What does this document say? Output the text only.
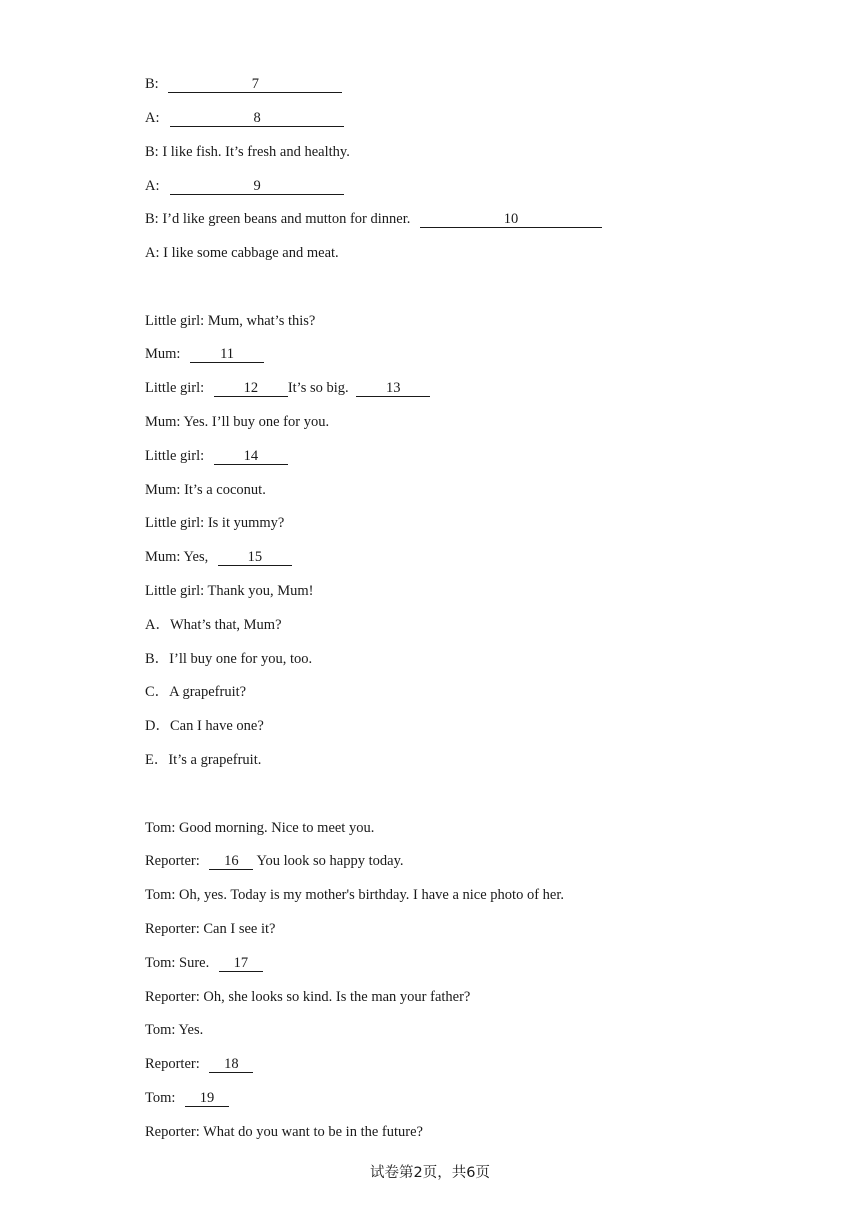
B:	7
A:	8
B: I like fish. It’s fresh and healthy.
A:	9
B: I’d like green beans and mutton for dinner.	10
A: I like some cabbage and meat.
Little girl: Mum, what’s this?
Mum:	11
Little girl:	12 It’s so big.	13
Mum: Yes. I’ll buy one for you.
Little girl:	14
Mum: It’s a coconut.
Little girl: Is it yummy?
Mum: Yes,	15
Little girl: Thank you, Mum!
A．What’s that, Mum?
B．I’ll buy one for you, too.
C．A grapefruit?
D．Can I have one?
E．It’s a grapefruit.
Tom: Good morning. Nice to meet you.
Reporter: 16 You look so happy today.
Tom: Oh, yes. Today is my mother's birthday. I have a nice photo of her.
Reporter: Can I see it?
Tom: Sure. 17
Reporter: Oh, she looks so kind. Is the man your father?
Tom: Yes.
Reporter: 18
Tom: 19
Reporter: What do you want to be in the future?
试卷第2页，共6页
